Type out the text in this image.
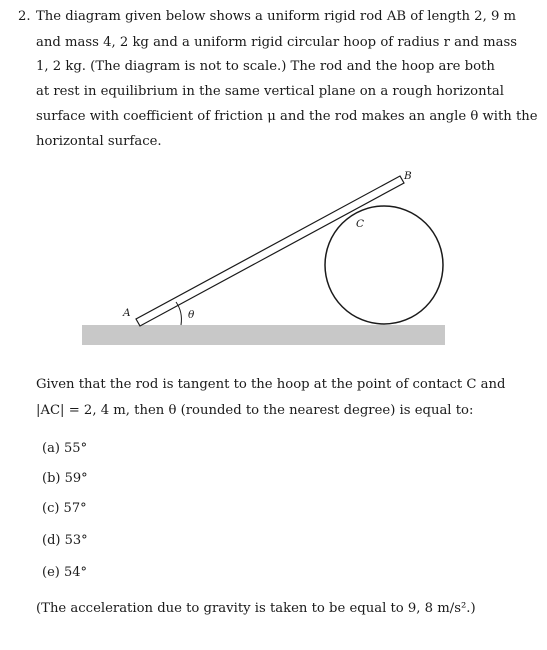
2. The diagram given below shows a uniform rigid rod AB of length 2, 9 m
and mass 4, 2 kg and a uniform rigid circular hoop of radius r and mass
1, 2 kg. (The diagram is not to scale.) The rod and the hoop are both
at rest in equilibrium in the same vertical plane on a rough horizontal
surface with coefficient of friction μ and the rod makes an angle θ with the
horizontal surface.
A
B
C
θ
Given that the rod is tangent to the hoop at the point of contact C and
|AC| = 2, 4 m, then θ (rounded to the nearest degree) is equal to:
(a) 55°
(b) 59°
(c) 57°
(d) 53°
(e) 54°
(The acceleration due to gravity is taken to be equal to 9, 8 m/s².)
